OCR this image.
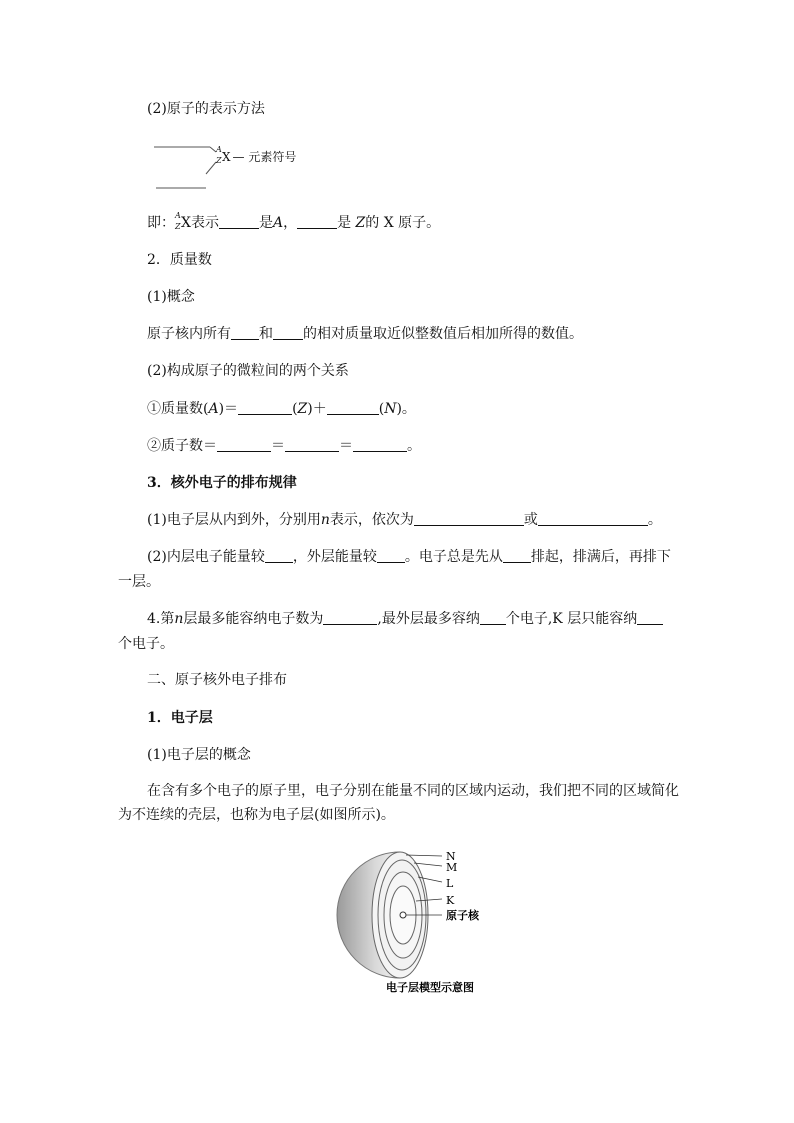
(2)原子的表示方法
A
Z X — 元素符号
即： A
Z X表示	是A，	是 Z的 X 原子。
2．质量数
(1)概念
原子核内所有 和 的相对质量取近似整数值后相加所得的数值。
(2)构成原子的微粒间的两个关系
①质量数(A)＝	(Z)＋	(N)。
②质子数＝	＝	＝	。
3．核外电子的排布规律
(1)电子层从内到外，分别用n表示，依次为	或	。
(2)内层电子能量较 ，外层能量较 。电子总是先从 排起，排满后，再排下
一层。
4.第n层最多能容纳电子数为	,最外层最多容纳 个电子,K 层只能容纳
个电子。
二、原子核外电子排布
1．电子层
(1)电子层的概念
在含有多个电子的原子里，电子分别在能量不同的区域内运动，我们把不同的区域简化
为不连续的壳层，也称为电子层(如图所示)。
N
M
L
K
原子核
电子层模型示意图
